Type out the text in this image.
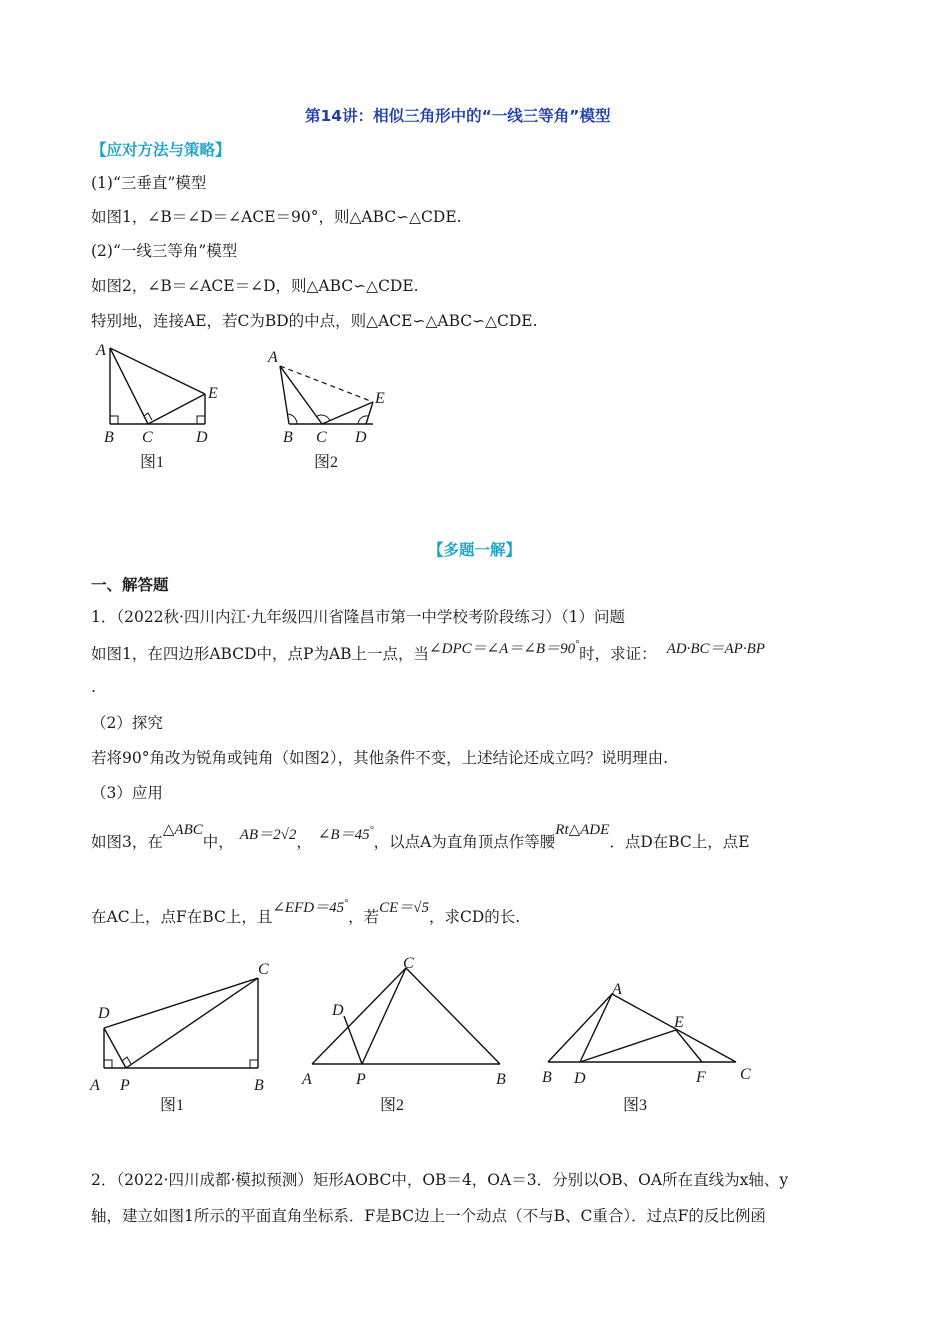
第14讲：相似三角形中的“一线三等角”模型
【应对方法与策略】
(1)“三垂直”模型
如图1，∠B＝∠D＝∠ACE＝90°，则△ABC∽△CDE.
(2)“一线三等角”模型
如图2，∠B＝∠ACE＝∠D，则△ABC∽△CDE.
特别地，连接AE，若C为BD的中点，则△ACE∽△ABC∽△CDE.
A
B C	D
E
图1
A
B C D
E
图2
【多题一解】
一、解答题
1．（2022秋·四川内江·九年级四川省隆昌市第一中学校考阶段练习）（1）问题
如图1，在四边形ABCD中，点P为AB上一点，当∠DPC＝∠A＝∠B＝90°时，求证： AD·BC＝AP·BP
.
（2）探究
若将90°角改为锐角或钝角（如图2），其他条件不变，上述结论还成立吗？说明理由.
（3）应用
如图3，在△ABC中， AB＝2√2， ∠B＝45°，以点A为直角顶点作等腰Rt△ADE．点D在BC上，点E
在AC上，点F在BC上，且∠EFD＝45°，若CE＝√5，求CD的长.
D
A P	B
C
图1
D
A	P	B
C
图2
A
E
B D	F C
图3
2．（2022·四川成都·模拟预测）矩形AOBC中，OB＝4，OA＝3．分别以OB、OA所在直线为x轴、y
轴，建立如图1所示的平面直角坐标系．F是BC边上一个动点（不与B、C重合）．过点F的反比例函
